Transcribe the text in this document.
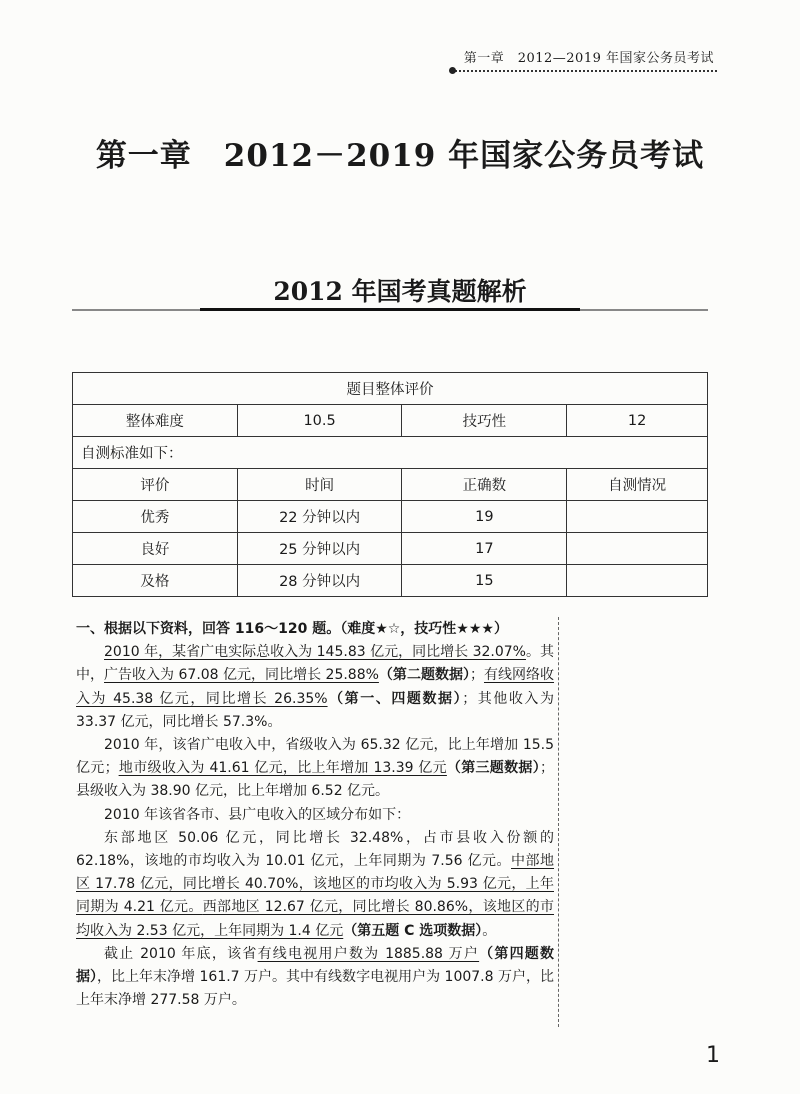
第一章　2012—2019 年国家公务员考试
第一章　2012－2019 年国家公务员考试
2012 年国考真题解析
题目整体评价			
整体难度	10.5	技巧性	12
自测标准如下：			
评价	时间	正确数	自测情况
优秀	22 分钟以内	19	
良好	25 分钟以内	17	
及格	28 分钟以内	15	

一、根据以下资料，回答 116～120 题。（难度★☆，技巧性★★★）

2010 年，某省广电实际总收入为 145.83 亿元，同比增长 32.07%。其中，广告收入为 67.08 亿元，同比增长 25.88%（第二题数据）；有线网络收入为 45.38 亿元，同比增长 26.35%（第一、四题数据）；其他收入为 33.37 亿元，同比增长 57.3%。

2010 年，该省广电收入中，省级收入为 65.32 亿元，比上年增加 15.5 亿元；地市级收入为 41.61 亿元，比上年增加 13.39 亿元（第三题数据）；县级收入为 38.90 亿元，比上年增加 6.52 亿元。

2010 年该省各市、县广电收入的区域分布如下：

东部地区 50.06 亿元，同比增长 32.48%，占市县收入份额的 62.18%，该地的市均收入为 10.01 亿元，上年同期为 7.56 亿元。中部地区 17.78 亿元，同比增长 40.70%，该地区的市均收入为 5.93 亿元，上年同期为 4.21 亿元。西部地区 12.67 亿元，同比增长 80.86%，该地区的市均收入为 2.53 亿元，上年同期为 1.4 亿元（第五题 C 选项数据）。

截止 2010 年底，该省有线电视用户数为 1885.88 万户（第四题数据），比上年末净增 161.7 万户。其中有线数字电视用户为 1007.8 万户，比上年末净增 277.58 万户。

1
